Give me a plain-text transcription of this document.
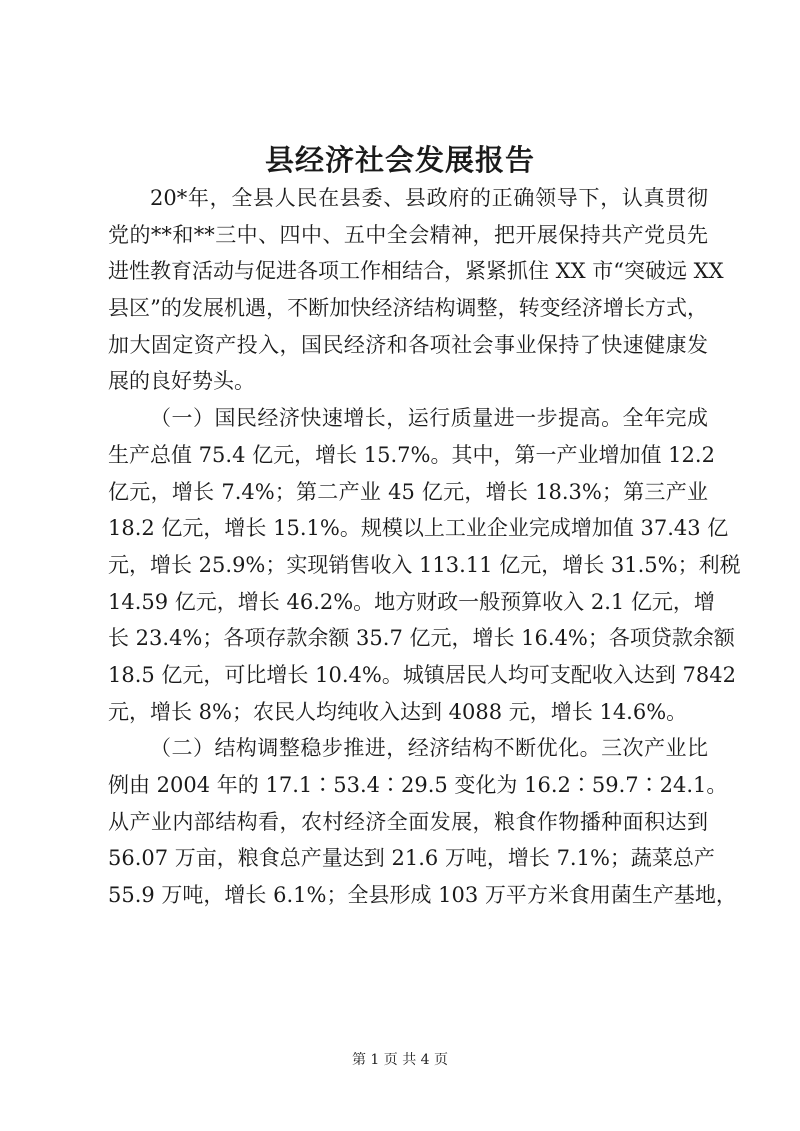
县经济社会发展报告
20*年，全县人民在县委、县政府的正确领导下，认真贯彻
党的**和**三中、四中、五中全会精神，把开展保持共产党员先
进性教育活动与促进各项工作相结合，紧紧抓住 XX 市“突破远 XX
县区”的发展机遇，不断加快经济结构调整，转变经济增长方式，
加大固定资产投入，国民经济和各项社会事业保持了快速健康发
展的良好势头。
（一）国民经济快速增长，运行质量进一步提高。全年完成
生产总值 75.4 亿元，增长 15.7%。其中，第一产业增加值 12.2
亿元，增长 7.4%；第二产业 45 亿元，增长 18.3%；第三产业
18.2 亿元，增长 15.1%。规模以上工业企业完成增加值 37.43 亿
元，增长 25.9%；实现销售收入 113.11 亿元，增长 31.5%；利税
14.59 亿元，增长 46.2%。地方财政一般预算收入 2.1 亿元，增
长 23.4%；各项存款余额 35.7 亿元，增长 16.4%；各项贷款余额
18.5 亿元，可比增长 10.4%。城镇居民人均可支配收入达到 7842
元，增长 8%；农民人均纯收入达到 4088 元，增长 14.6%。
（二）结构调整稳步推进，经济结构不断优化。三次产业比
例由 2004 年的 17.1∶53.4∶29.5 变化为 16.2∶59.7∶24.1。
从产业内部结构看，农村经济全面发展，粮食作物播种面积达到
56.07 万亩，粮食总产量达到 21.6 万吨，增长 7.1%；蔬菜总产
55.9 万吨，增长 6.1%；全县形成 103 万平方米食用菌生产基地，
第 1 页 共 4 页
